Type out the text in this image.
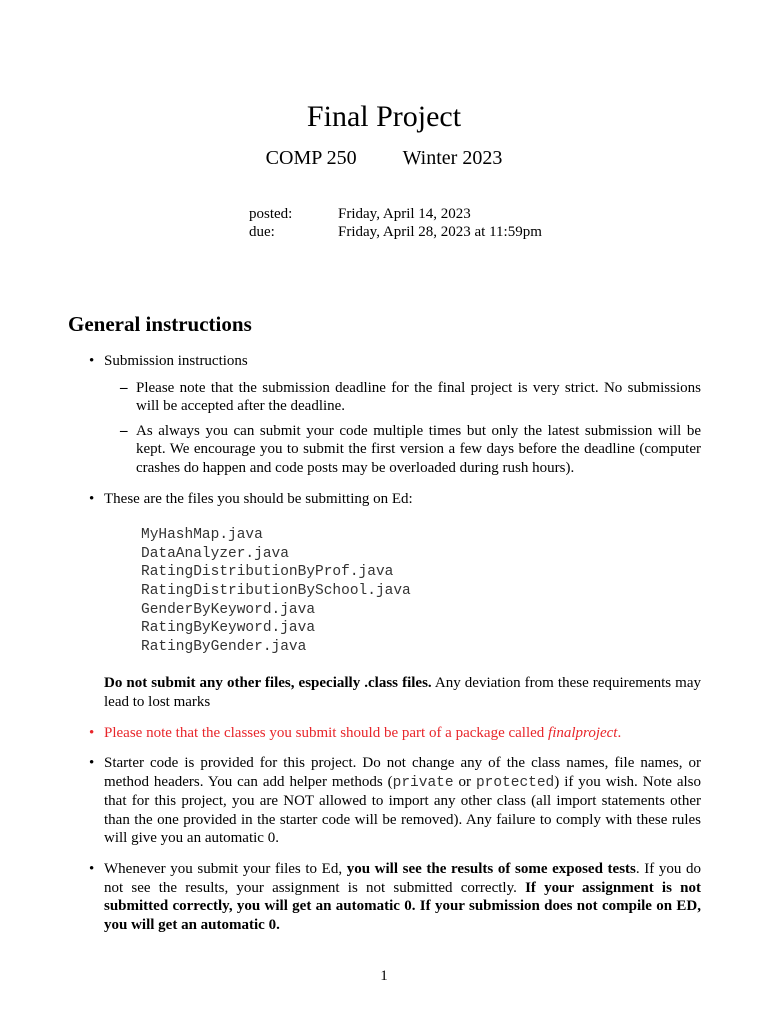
Final Project
COMP 250 Winter 2023
posted:	Friday, April 14, 2023
due:	Friday, April 28, 2023 at 11:59pm
General instructions
• Submission instructions
– Please note that the submission deadline for the final project is very strict. No submissions will be accepted after the deadline.
– As always you can submit your code multiple times but only the latest submission will be kept. We encourage you to submit the first version a few days before the deadline (computer crashes do happen and code posts may be overloaded during rush hours).
• These are the files you should be submitting on Ed:
MyHashMap.java
DataAnalyzer.java
RatingDistributionByProf.java
RatingDistributionBySchool.java
GenderByKeyword.java
RatingByKeyword.java
RatingByGender.java
Do not submit any other files, especially .class files. Any deviation from these requirements may lead to lost marks
• Please note that the classes you submit should be part of a package called finalproject.
• Starter code is provided for this project. Do not change any of the class names, file names, or method headers. You can add helper methods (private or protected) if you wish. Note also that for this project, you are NOT allowed to import any other class (all import statements other than the one provided in the starter code will be removed). Any failure to comply with these rules will give you an automatic 0.
• Whenever you submit your files to Ed, you will see the results of some exposed tests. If you do not see the results, your assignment is not submitted correctly. If your assignment is not submitted correctly, you will get an automatic 0. If your submission does not compile on ED, you will get an automatic 0.
1
